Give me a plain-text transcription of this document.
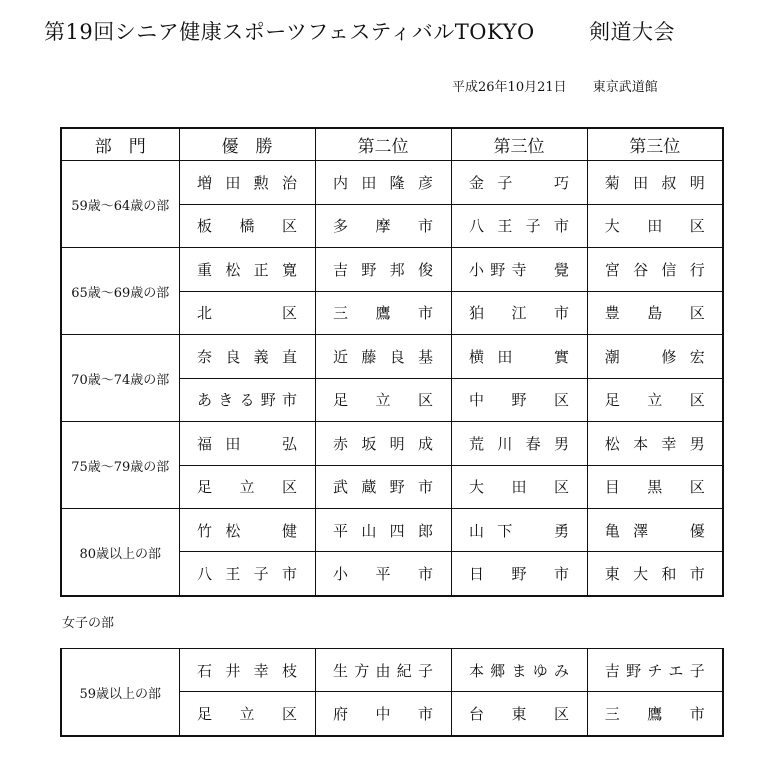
第19回シニア健康スポーツフェスティバルTOKYO	剣道大会
平成26年10月21日 東京武道館
部　門	優　勝	第二位	第三位	第三位
59歳〜64歳の部	増田勲治	内田隆彦	金子　巧	菊田叔明
	板橋区	多摩市	八王子市	大田区
65歳〜69歳の部	重松正寛	吉野邦俊	小野寺　覺	宮谷信行
	北区	三鷹市	狛江市	豊島区
70歳〜74歳の部	奈良義直	近藤良基	横田　實	潮　修宏
	あきる野市	足立区	中野区	足立区
75歳〜79歳の部	福田　弘	赤坂明成	荒川春男	松本幸男
	足立区	武蔵野市	大田区	目黒区
80歳以上の部	竹松　健	平山四郎	山下　勇	亀澤　優
	八王子市	小平市	日野市	東大和市
女子の部
59歳以上の部	石井幸枝	生方由紀子	本郷まゆみ	吉野チエ子
	足立区	府中市	台東区	三鷹市
